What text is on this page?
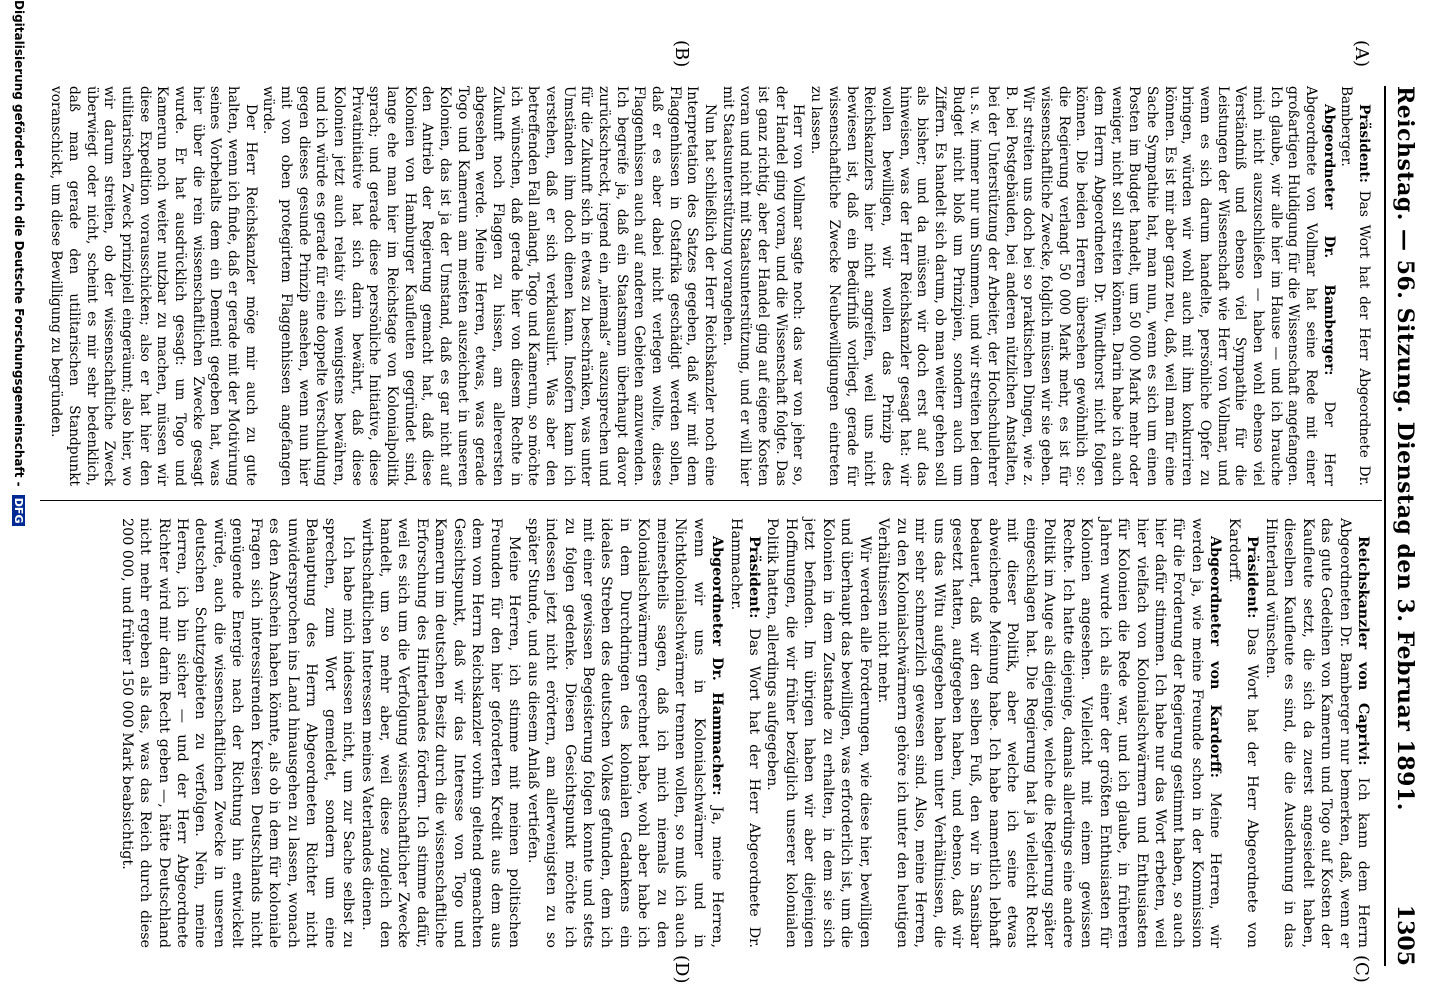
Reichstag. — 56. Sitzung. Dienstag den 3. Februar 1891.
1305
(A)
(B)
(C)
(D)

Präsident: Das Wort hat der Herr Abgeordnete Dr. Bamberger.

Abgeordneter Dr. Bamberger: Der Herr Abgeordnete von Vollmar hat seine Rede mit einer großartigen Huldigung für die Wissenschaft angefangen. Ich glaube, wir alle hier im Hause — und ich brauche mich nicht auszuschließen — haben wohl ebenso viel Verständniß und ebenso viel Sympathie für die Leistungen der Wissenschaft wie Herr von Vollmar, und wenn es sich darum handelte, persönliche Opfer zu bringen, würden wir wohl auch mit ihm konkurriren können. Es ist mir aber ganz neu, daß, weil man für eine Sache Sympathie hat, man nun, wenn es sich um einen Posten im Budget handelt, um 50 000 Mark mehr oder weniger, nicht soll streiten können. Darin habe ich auch dem Herrn Abgeordneten Dr. Windthorst nicht folgen können. Die beiden Herren übersehen gewöhnlich so: die Regierung verlangt 50 000 Mark mehr, es ist für wissenschaftliche Zwecke, folglich müssen wir sie geben. Wir streiten uns doch bei so praktischen Dingen, wie z. B. bei Postgebäuden, bei anderen nützlichen Anstalten, bei der Unterstützung der Arbeiter, der Hochschullehrer u. s. w. immer nur um Summen, und wir streiten bei dem Budget nicht bloß um Prinzipien, sondern auch um Ziffern. Es handelt sich darum, ob man weiter gehen soll als bisher; und da müssen wir doch erst auf das hinweisen, was der Herr Reichskanzler gesagt hat: wir wollen bewilligen, wir wollen das Prinzip des Reichskanzlers hier nicht angreifen, weil uns nicht bewiesen ist, daß ein Bedürfniß vorliegt, gerade für wissenschaftliche Zwecke Neubewilligungen eintreten zu lassen.

Herr von Vollmar sagte noch: das war von jeher so, der Handel ging voran, und die Wissenschaft folgte. Das ist ganz richtig, aber der Handel ging auf eigene Kosten voran und nicht mit Staatsunterstützung, und er will hier mit Staatsunterstützung vorangehen.

Nun hat schließlich der Herr Reichskanzler noch eine Interpretation des Satzes gegeben, daß wir mit dem Flaggenhissen in Ostafrika geschädigt werden sollen, daß er es aber dabei nicht verlegen wollte, dieses Flaggenhissen auch auf anderen Gebieten anzuwenden. Ich begreife ja, daß ein Staatsmann überhaupt davor zurückschreckt, irgend ein „niemals“ auszusprechen und für die Zukunft sich in etwas zu beschränken, was unter Umständen ihm doch dienen kann. Insofern kann ich verstehen, daß er sich verklausulirt. Was aber den betreffenden Fall anlangt, Togo und Kamerun, so möchte ich wünschen, daß gerade hier von diesem Rechte in Zukunft noch Flaggen zu hissen, am allereersten abgesehen werde. Meine Herren, etwas, was gerade Togo und Kamerun am meisten auszeichnet in unseren Kolonien, das ist ja der Umstand, daß es gar nicht auf den Antrieb der Regierung gemacht hat, daß diese Kolonien von Hamburger Kaufleuten gegründet sind, lange ehe man hier im Reichstage von Kolonialpolitik sprach; und gerade diese persönliche Initiative, diese Privatinitiative hat sich darin bewährt, daß diese Kolonien jetzt auch relativ sich wenigstens bewähren, und ich würde es gerade für eine doppelte Verschuldung gegen dieses gesunde Prinzip ansehen, wenn nun hier mit von oben protegirtem Flaggenhissen angefangen würde.

Der Herr Reichskanzler möge mir auch zu gute halten, wenn ich finde, daß er gerade mit der Motivirung seines Vorbehalts dem ein Dementi gegeben hat, was hier über die rein wissenschaftlichen Zwecke gesagt wurde. Er hat ausdrücklich gesagt: um Togo und Kamerun noch weiter nutzbar zu machen, müssen wir diese Expedition vorausschicken; also er hat hier den utilitarischen Zweck prinzipiell eingeräumt; also hier, wo wir darum streiten, ob der wissenschaftliche Zweck überwiegt oder nicht, scheint es mir sehr bedenklich, daß man gerade den utilitarischen Standpunkt voranschickt, um diese Bewilligung zu begründen.

Reichskanzler von Caprivi: Ich kann dem Herrn Abgeordneten Dr. Bamberger nur bemerken, daß, wenn er das gute Gedeihen von Kamerun und Togo auf Kosten der Kaufleute setzt, die sich da zuerst angesiedelt haben, dieselben Kaufleute es sind, die die Ausdehnung in das Hinterland wünschen.

Präsident: Das Wort hat der Herr Abgeordnete von Kardorff.

Abgeordneter von Kardorff: Meine Herren, wir werden ja, wie meine Freunde schon in der Kommission für die Forderung der Regierung gestimmt haben, so auch hier dafür stimmen. Ich habe nur das Wort erbeten, weil hier vielfach von Kolonialschwärmern und Enthusiasten für Kolonien die Rede war, und ich glaube, in früheren Jahren wurde ich als einer der größten Enthusiasten für Kolonien angesehen. Vielleicht mit einem gewissen Rechte. Ich hatte diejenige, damals allerdings eine andere Politik im Auge als diejenige, welche die Regierung später eingeschlagen hat. Die Regierung hat ja vielleicht Recht mit dieser Politik, aber welche ich seine etwas abweichende Meinung habe. Ich habe namentlich lebhaft bedauert, daß wir den selben Fuß, den wir in Sansibar gesetzt hatten, aufgegeben haben, und ebenso, daß wir uns das Witu aufgegeben haben unter Verhältnissen, die mir sehr schmerzlich gewesen sind. Also, meine Herren, zu den Kolonialschwärmern gehöre ich unter den heutigen Verhältnissen nicht mehr.

Wir werden alle Forderungen, wie diese hier, bewilligen und überhaupt das bewilligen, was erforderlich ist, um die Kolonien in dem Zustande zu erhalten, in dem sie sich jetzt befinden. Im übrigen haben wir aber diejenigen Hoffnungen, die wir früher bezüglich unserer kolonialen Politik hatten, allerdings aufgegeben.

Präsident: Das Wort hat der Herr Abgeordnete Dr. Hammacher.

Abgeordneter Dr. Hammacher: Ja, meine Herren, wenn wir uns in Kolonialschwärmer und in Nichtkolonialschwärmer trennen wollen, so muß ich auch meinestheils sagen, daß ich mich niemals zu den Kolonialschwärmern gerechnet habe, wohl aber habe ich in dem Durchdringen des kolonialen Gedankens ein ideales Streben des deutschen Volkes gefunden, dem ich mit einer gewissen Begeisterung folgen konnte und stets zu folgen gedenke. Diesen Gesichtspunkt möchte ich indessen jetzt nicht erörtern, am allerwenigsten zu so später Stunde, und aus diesem Anlaß vertiefen.

Meine Herren, ich stimme mit meinen politischen Freunden für den hier geforderten Kredit aus dem aus dem vom Herrn Reichskanzler vorhin geltend gemachten Gesichtspunkt, daß wir das Interesse von Togo und Kamerun im deutschen Besitz durch die wissenschaftliche Erforschung des Hinterlandes fördern. Ich stimme dafür, weil es sich um die Verfolgung wissenschaftlicher Zwecke handelt, um so mehr aber, weil diese zugleich den wirthschaftlichen Interessen meines Vaterlandes dienen.

Ich habe mich indessen nicht, um zur Sache selbst zu sprechen, zum Wort gemeldet, sondern um eine Behauptung des Herrn Abgeordneten Richter nicht unwidersprochen ins Land hinausgehen zu lassen, wonach es den Anschein haben könnte, als ob in dem für koloniale Fragen sich interessirenden Kreisen Deutschlands nicht genügende Energie nach der Richtung hin entwickelt würde, auch die wissenschaftlichen Zwecke in unseren deutschen Schutzgebieten zu verfolgen. Nein, meine Herren, ich bin sicher — und der Herr Abgeordnete Richter wird mir darin Recht geben —, hätte Deutschland nicht mehr ergeben als das, was das Reich durch diese 200 000, und früher 150 000 Mark beabsichtigt.

Digitalisierung gefördert durch die Deutsche Forschungsgemeinschaft - DFG
